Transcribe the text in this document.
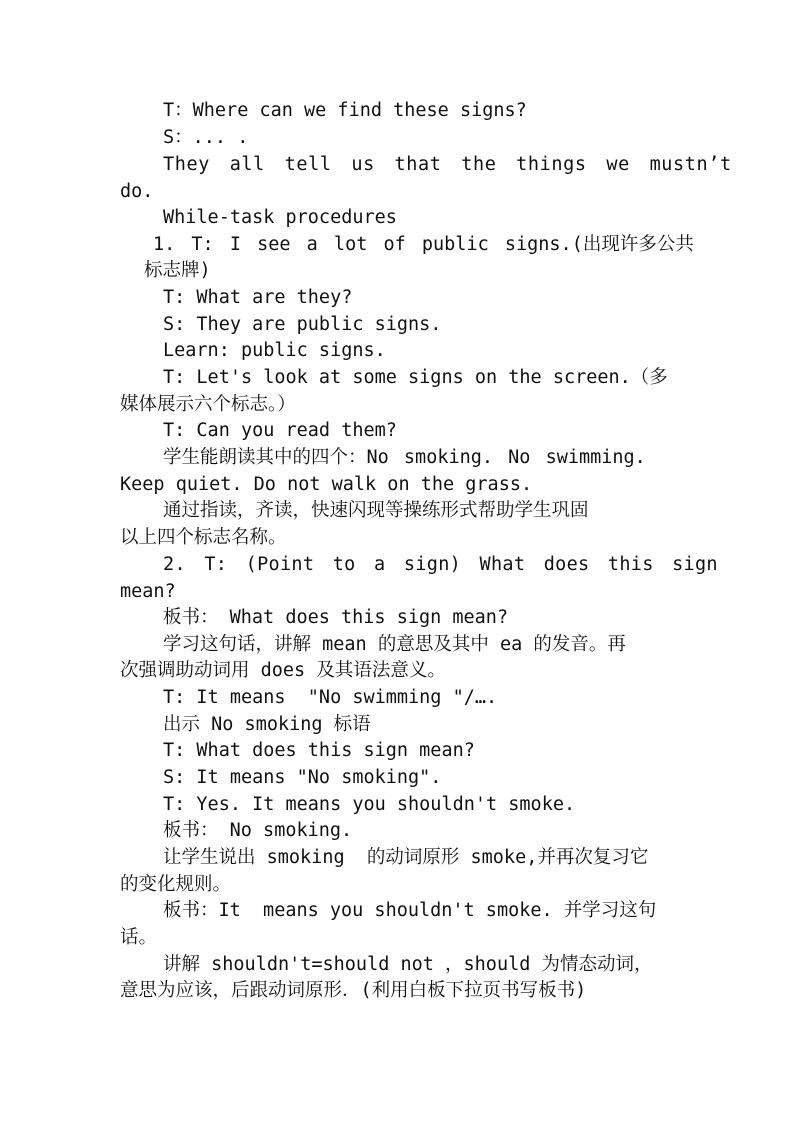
T：Where can we find these signs?
S：... .
They all tell us that the things we mustn’t
do.
While-task procedures
1. T: I see a lot of public signs.(出现许多公共
标志牌)
T: What are they?
S: They are public signs.
Learn: public signs.
T: Let's look at some signs on the screen.（多
媒体展示六个标志。）
T: Can you read them?
学生能朗读其中的四个：No smoking. No swimming.
Keep quiet. Do not walk on the grass.
通过指读，齐读，快速闪现等操练形式帮助学生巩固
以上四个标志名称。
2. T: (Point to a sign) What does this sign
mean?
板书： What does this sign mean?
学习这句话，讲解 mean 的意思及其中 ea 的发音。再
次强调助动词用 does 及其语法意义。
T: It means  "No swimming "/….
出示 No smoking 标语
T: What does this sign mean?
S: It means "No smoking".
T: Yes. It means you shouldn't smoke.
板书： No smoking.
让学生说出 smoking  的动词原形 smoke,并再次复习它
的变化规则。
板书：It  means you shouldn't smoke. 并学习这句
话。
讲解 shouldn't=should not ，should 为情态动词，
意思为应该，后跟动词原形．(利用白板下拉页书写板书)
